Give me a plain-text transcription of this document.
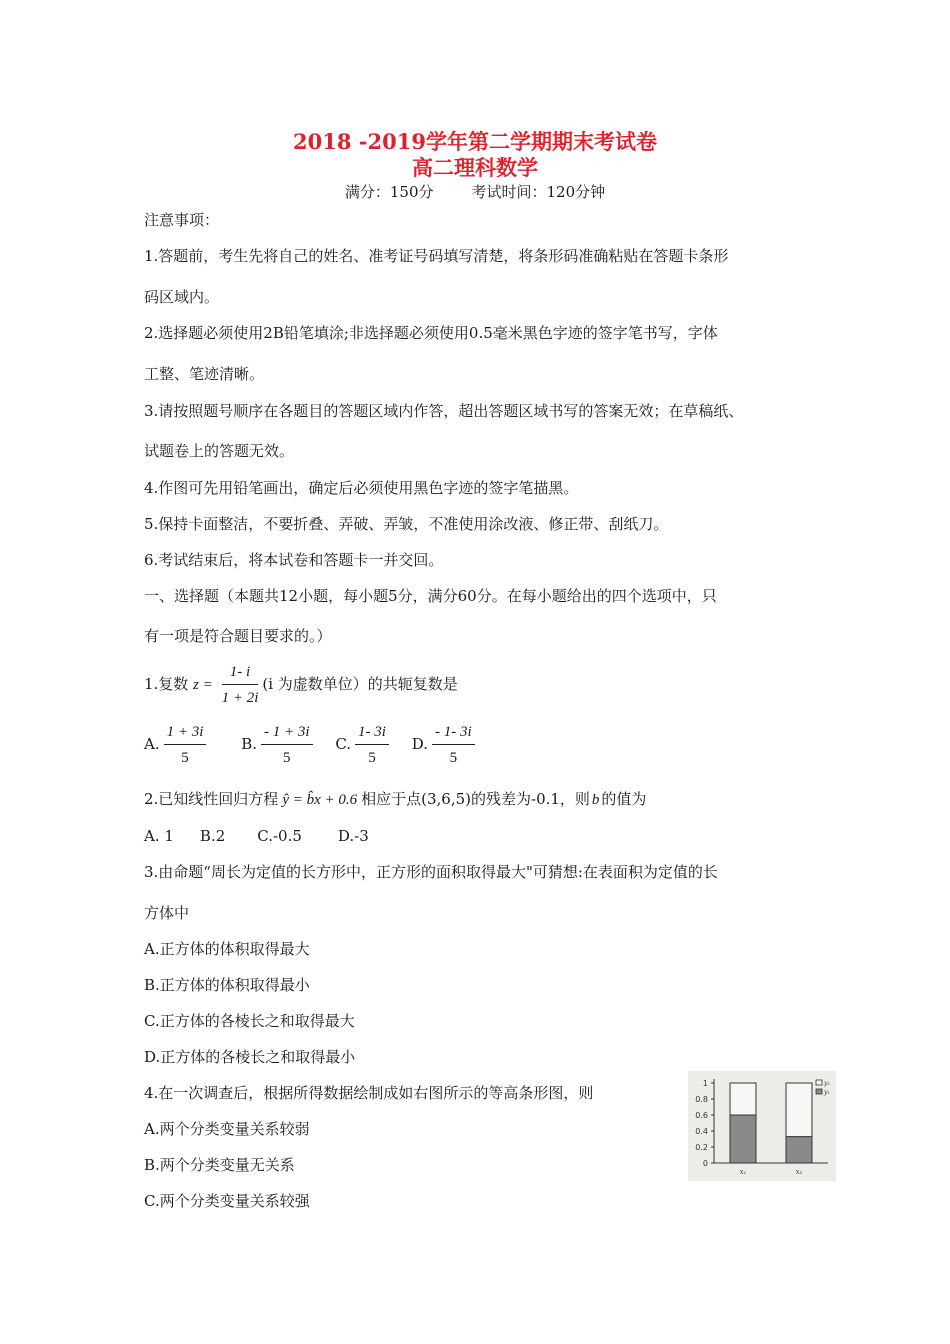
2018 -2019学年第二学期期末考试卷
高二理科数学
满分：150分	考试时间：120分钟
注意事项：
1.答题前，考生先将自己的姓名、准考证号码填写清楚，将条形码准确粘贴在答题卡条形
码区域内。
2.选择题必须使用2B铅笔填涂;非选择题必须使用0.5毫米黑色字迹的签字笔书写，字体
工整、笔迹清晰。
3.请按照题号顺序在各题目的答题区域内作答，超出答题区域书写的答案无效；在草稿纸、
试题卷上的答题无效。
4.作图可先用铅笔画出，确定后必须使用黑色字迹的签字笔描黑。
5.保持卡面整洁，不要折叠、弄破、弄皱，不准使用涂改液、修正带、刮纸刀。
6.考试结束后，将本试卷和答题卡一并交回。
一、选择题（本题共12小题，每小题5分，满分60分。在每小题给出的四个选项中，只
有一项是符合题目要求的。）
1.复数 $z = \frac{1- i}{1 + 2i} (i$ 为虚数单位）的共轭复数是
A. $\frac{1 + 3i}{5} B$. $\frac{- 1 + 3i}{5} C$. $\frac{1- 3i}{5} D$. $\frac{- 1- 3i}{5}$
2.已知线性回归方程 ŷ = b̂x + 0.6 相应于点(3,6,5)的残差为-0.1，则 b 的值为
A. 1 B.2 C.-0.5 D.-3
3.由命题“周长为定值的长方形中，正方形的面积取得最大"可猜想:在表面积为定值的长
方体中
A.正方体的体积取得最大
B.正方体的体积取得最小
C.正方体的各棱长之和取得最大
D.正方体的各棱长之和取得最小
4.在一次调查后，根据所得数据绘制成如右图所示的等高条形图，则
A.两个分类变量关系较弱
B.两个分类变量无关系
C.两个分类变量关系较强
0
0.2
0.4
0.6
0.8
1
x₁	x₂
y₂
y₁
